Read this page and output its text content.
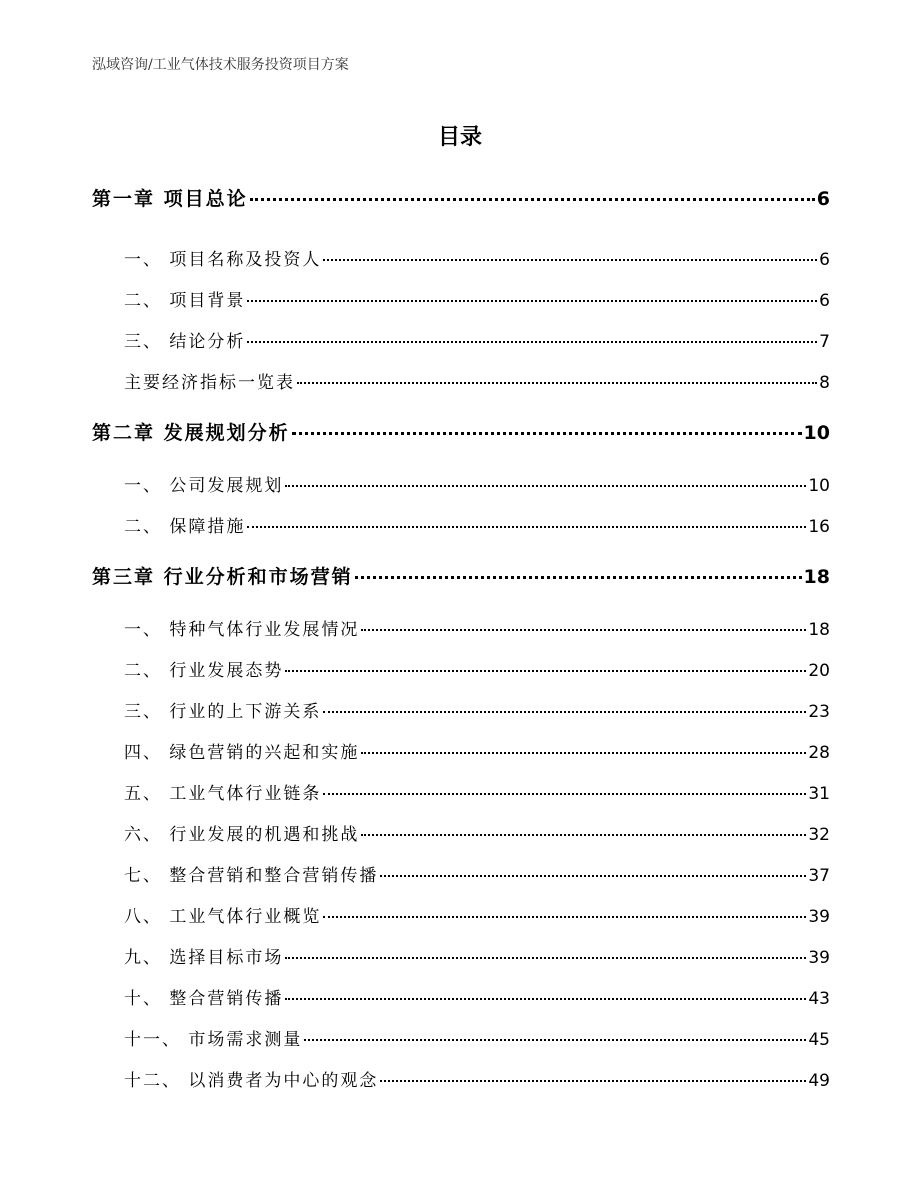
泓域咨询/工业气体技术服务投资项目方案
目录
第一章 项目总论	6
一、 项目名称及投资人	6
二、 项目背景	6
三、 结论分析	7
主要经济指标一览表	8
第二章 发展规划分析	10
一、 公司发展规划	10
二、 保障措施	16
第三章 行业分析和市场营销	18
一、 特种气体行业发展情况	18
二、 行业发展态势	20
三、 行业的上下游关系	23
四、 绿色营销的兴起和实施	28
五、 工业气体行业链条	31
六、 行业发展的机遇和挑战	32
七、 整合营销和整合营销传播	37
八、 工业气体行业概览	39
九、 选择目标市场	39
十、 整合营销传播	43
十一、 市场需求测量	45
十二、 以消费者为中心的观念	49
